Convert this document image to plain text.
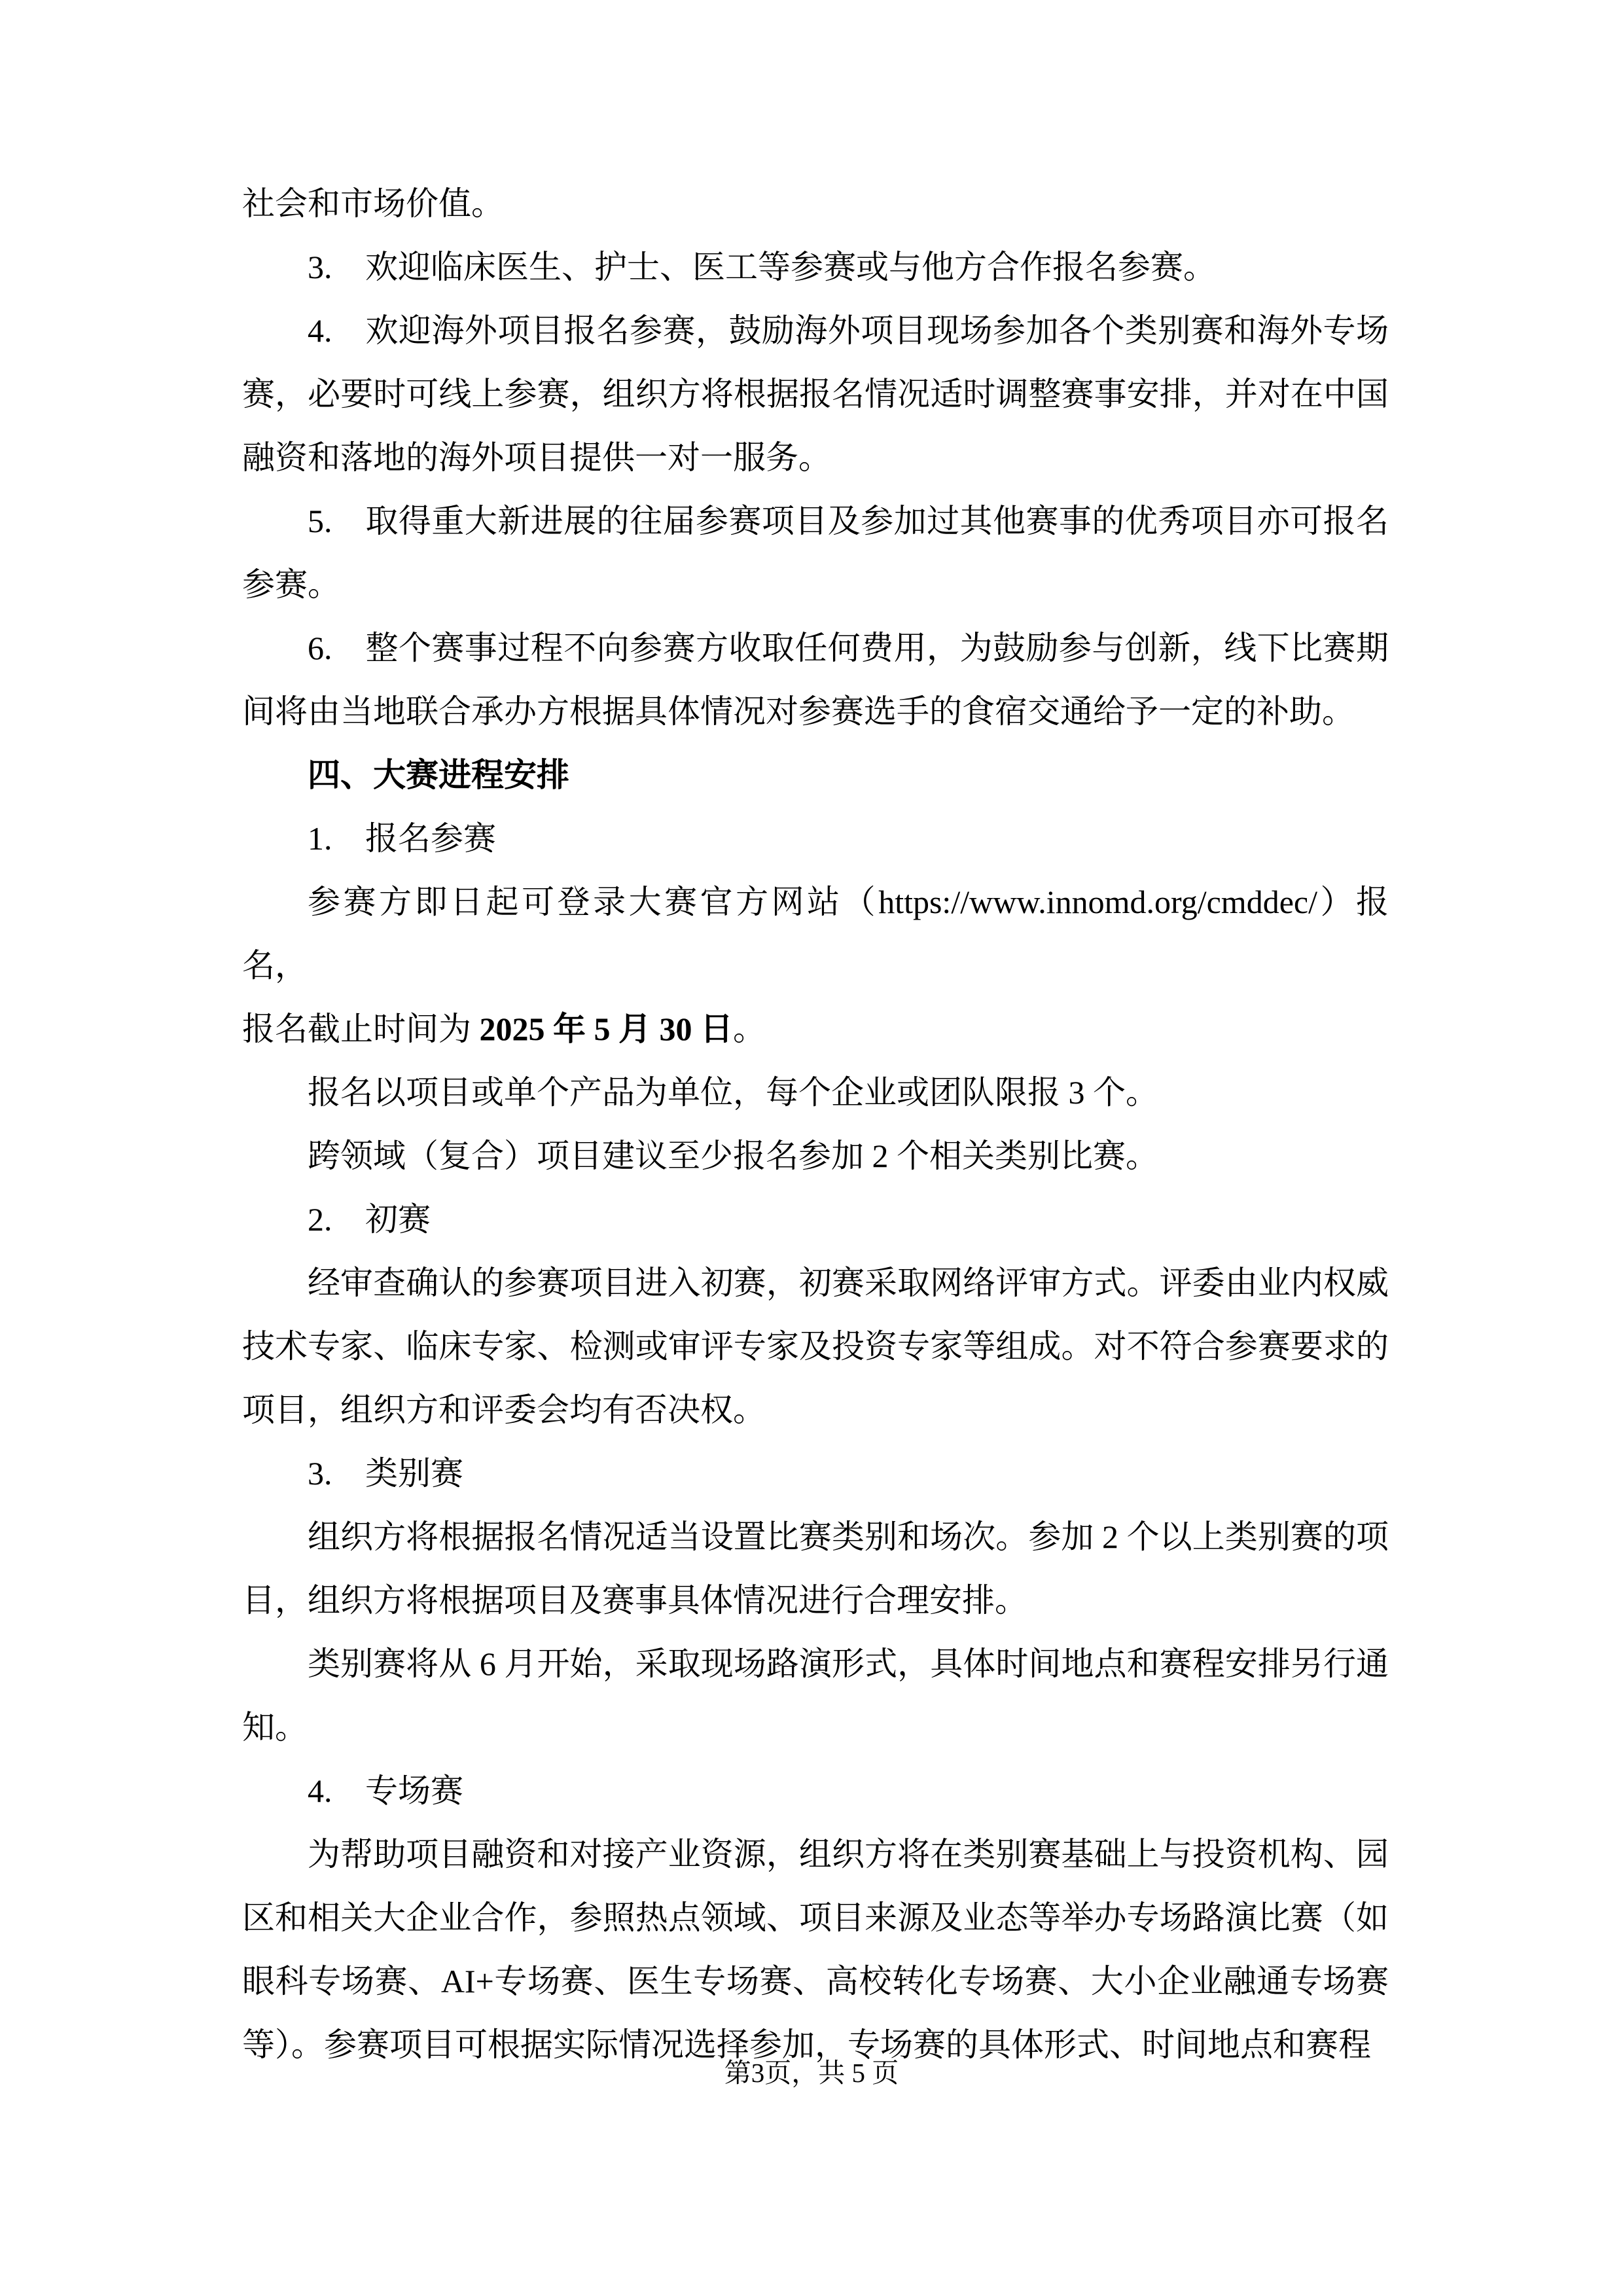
社会和市场价值。

3. 欢迎临床医生、护士、医工等参赛或与他方合作报名参赛。

4. 欢迎海外项目报名参赛，鼓励海外项目现场参加各个类别赛和海外专场赛，必要时可线上参赛，组织方将根据报名情况适时调整赛事安排，并对在中国融资和落地的海外项目提供一对一服务。

5. 取得重大新进展的往届参赛项目及参加过其他赛事的优秀项目亦可报名参赛。

6. 整个赛事过程不向参赛方收取任何费用，为鼓励参与创新，线下比赛期间将由当地联合承办方根据具体情况对参赛选手的食宿交通给予一定的补助。

四、大赛进程安排

1. 报名参赛

参赛方即日起可登录大赛官方网站（https://www.innomd.org/cmddec/）报名，
报名截止时间为 2025 年 5 月 30 日。

报名以项目或单个产品为单位，每个企业或团队限报 3 个。

跨领域（复合）项目建议至少报名参加 2 个相关类别比赛。

2. 初赛

经审查确认的参赛项目进入初赛，初赛采取网络评审方式。评委由业内权威技术专家、临床专家、检测或审评专家及投资专家等组成。对不符合参赛要求的项目，组织方和评委会均有否决权。

3. 类别赛

组织方将根据报名情况适当设置比赛类别和场次。参加 2 个以上类别赛的项目，组织方将根据项目及赛事具体情况进行合理安排。

类别赛将从 6 月开始，采取现场路演形式，具体时间地点和赛程安排另行通知。

4. 专场赛

为帮助项目融资和对接产业资源，组织方将在类别赛基础上与投资机构、园区和相关大企业合作，参照热点领域、项目来源及业态等举办专场路演比赛（如眼科专场赛、AI+专场赛、医生专场赛、高校转化专场赛、大小企业融通专场赛等）。参赛项目可根据实际情况选择参加，专场赛的具体形式、时间地点和赛程

第3页，共 5 页
